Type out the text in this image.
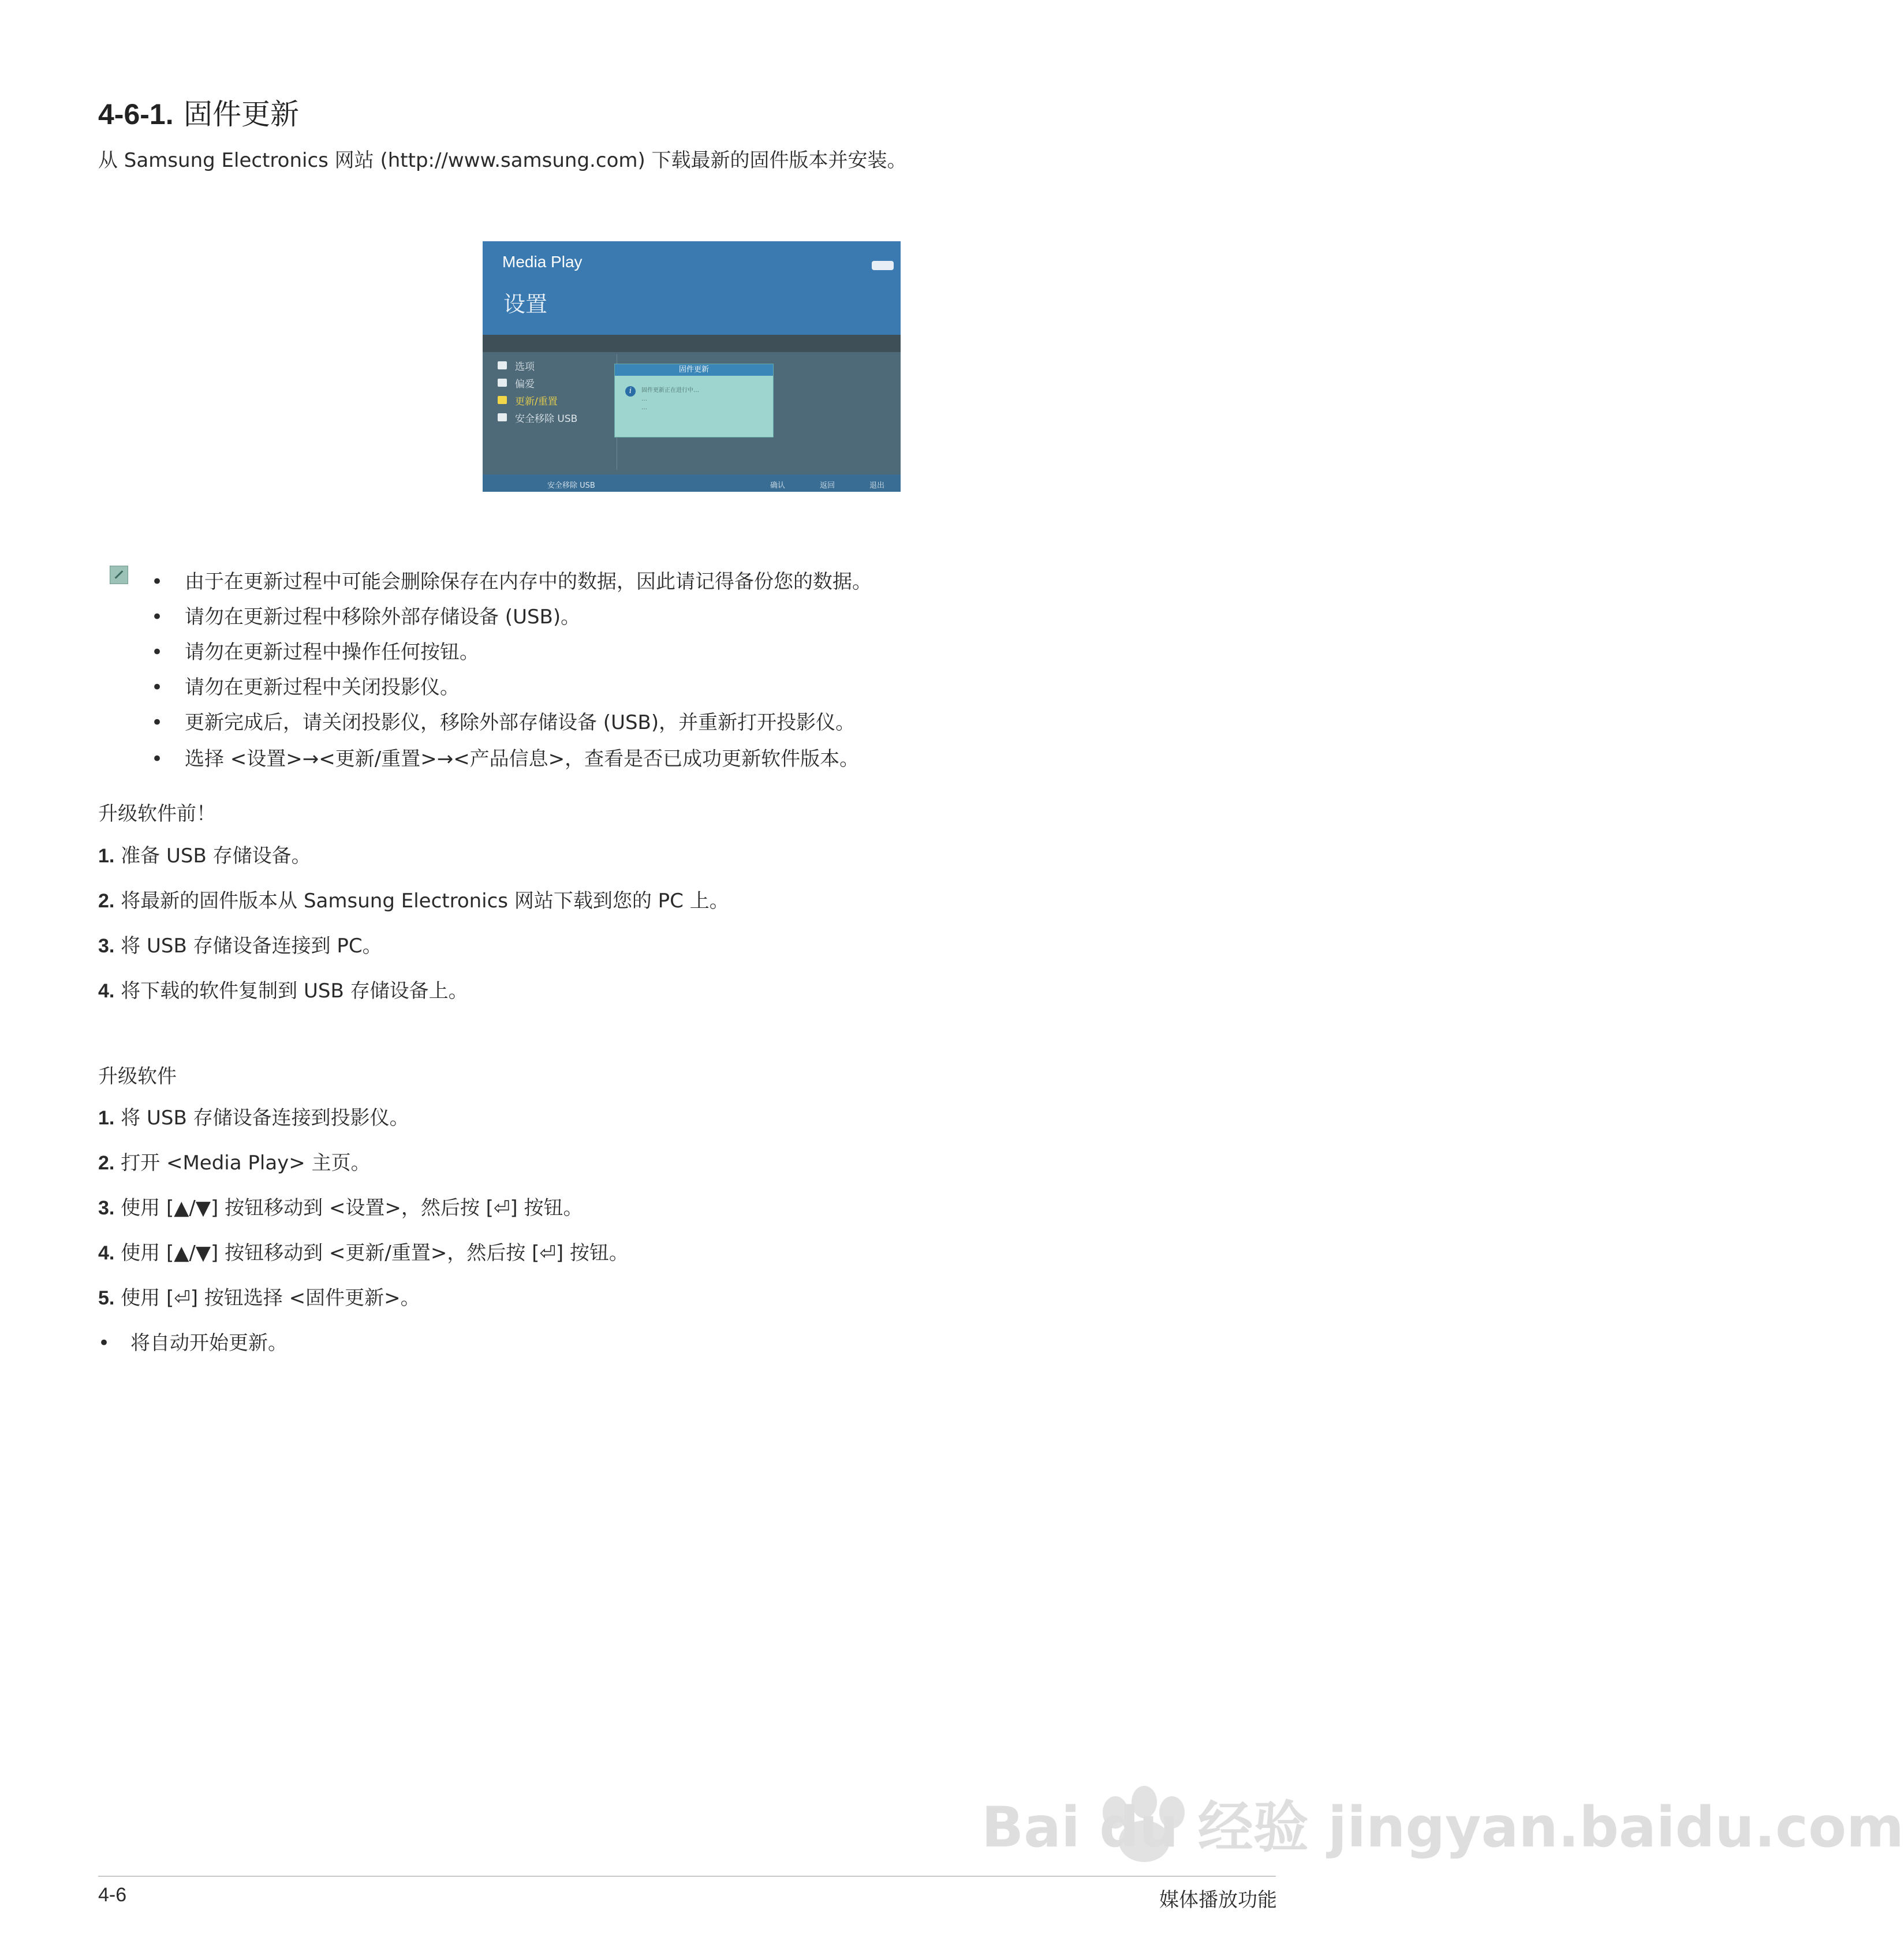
4-6-1. 固件更新
从 Samsung Electronics 网站 (http://www.samsung.com) 下载最新的固件版本并安装。
Media Play
设置
选项
偏爱
更新/重置
安全移除 USB
固件更新
i	固件更新正在进行中…
…
…
安全移除 USB	确认	返回	退出
• 由于在更新过程中可能会删除保存在内存中的数据，因此请记得备份您的数据。
• 请勿在更新过程中移除外部存储设备 (USB)。
• 请勿在更新过程中操作任何按钮。
• 请勿在更新过程中关闭投影仪。
• 更新完成后，请关闭投影仪，移除外部存储设备 (USB)，并重新打开投影仪。
• 选择 <设置>→<更新/重置>→<产品信息>，查看是否已成功更新软件版本。
升级软件前！
1. 准备 USB 存储设备。
2. 将最新的固件版本从 Samsung Electronics 网站下载到您的 PC 上。
3. 将 USB 存储设备连接到 PC。
4. 将下载的软件复制到 USB 存储设备上。
升级软件
1. 将 USB 存储设备连接到投影仪。
2. 打开 <Media Play> 主页。
3. 使用 [▲/▼] 按钮移动到 <设置>，然后按 [⏎] 按钮。
4. 使用 [▲/▼] 按钮移动到 <更新/重置>，然后按 [⏎] 按钮。
5. 使用 [⏎] 按钮选择 <固件更新>。
• 将自动开始更新。
Bai du 经验 jingyan.baidu.com
4-6	媒体播放功能
